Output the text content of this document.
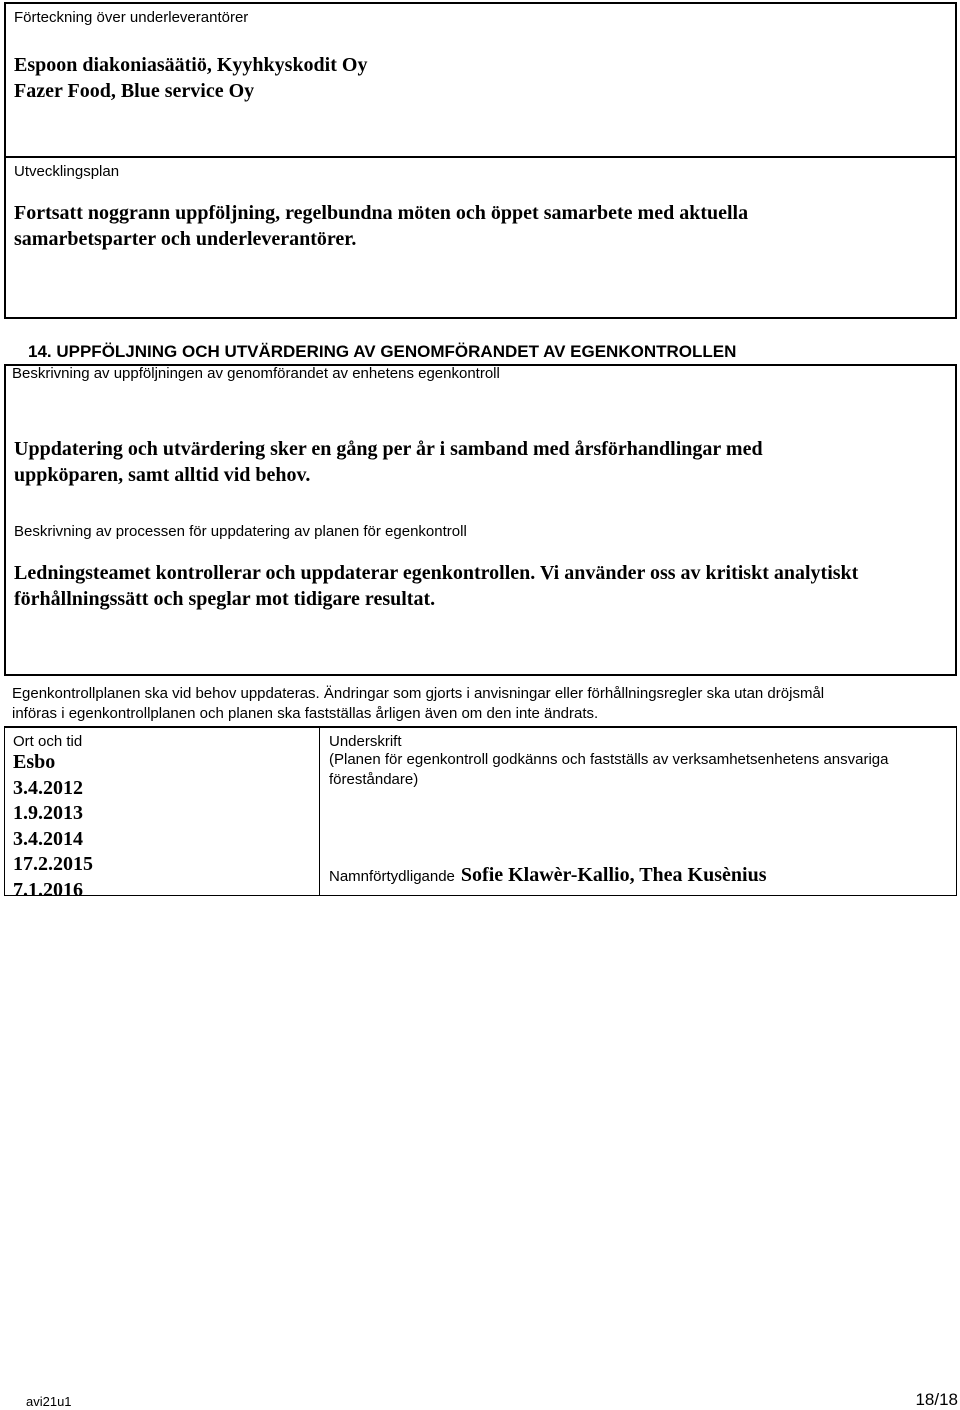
Förteckning över underleverantörer
Espoon diakoniasäätiö, Kyyhkyskodit Oy
Fazer Food, Blue service Oy
Utvecklingsplan
Fortsatt noggrann uppföljning, regelbundna möten och öppet samarbete med aktuella
samarbetsparter och underleverantörer.
14. UPPFÖLJNING OCH UTVÄRDERING AV GENOMFÖRANDET AV EGENKONTROLLEN
Beskrivning av uppföljningen av genomförandet av enhetens egenkontroll
Uppdatering och utvärdering sker en gång per år i samband med årsförhandlingar med
uppköparen, samt alltid vid behov.
Beskrivning av processen för uppdatering av planen för egenkontroll
Ledningsteamet kontrollerar och uppdaterar egenkontrollen. Vi använder oss av kritiskt analytiskt
förhållningssätt och speglar mot tidigare resultat.
Egenkontrollplanen ska vid behov uppdateras. Ändringar som gjorts i anvisningar eller förhållningsregler ska utan dröjsmål
införas i egenkontrollplanen och planen ska fastställas årligen även om den inte ändrats.
Ort och tid
Esbo
3.4.2012
1.9.2013
3.4.2014
17.2.2015
7.1.2016
Underskrift
(Planen för egenkontroll godkänns och fastställs av verksamhetsenhetens ansvariga
föreståndare)
Namnförtydligande Sofie Klawèr-Kallio, Thea Kusènius
avi21u1	18/18
